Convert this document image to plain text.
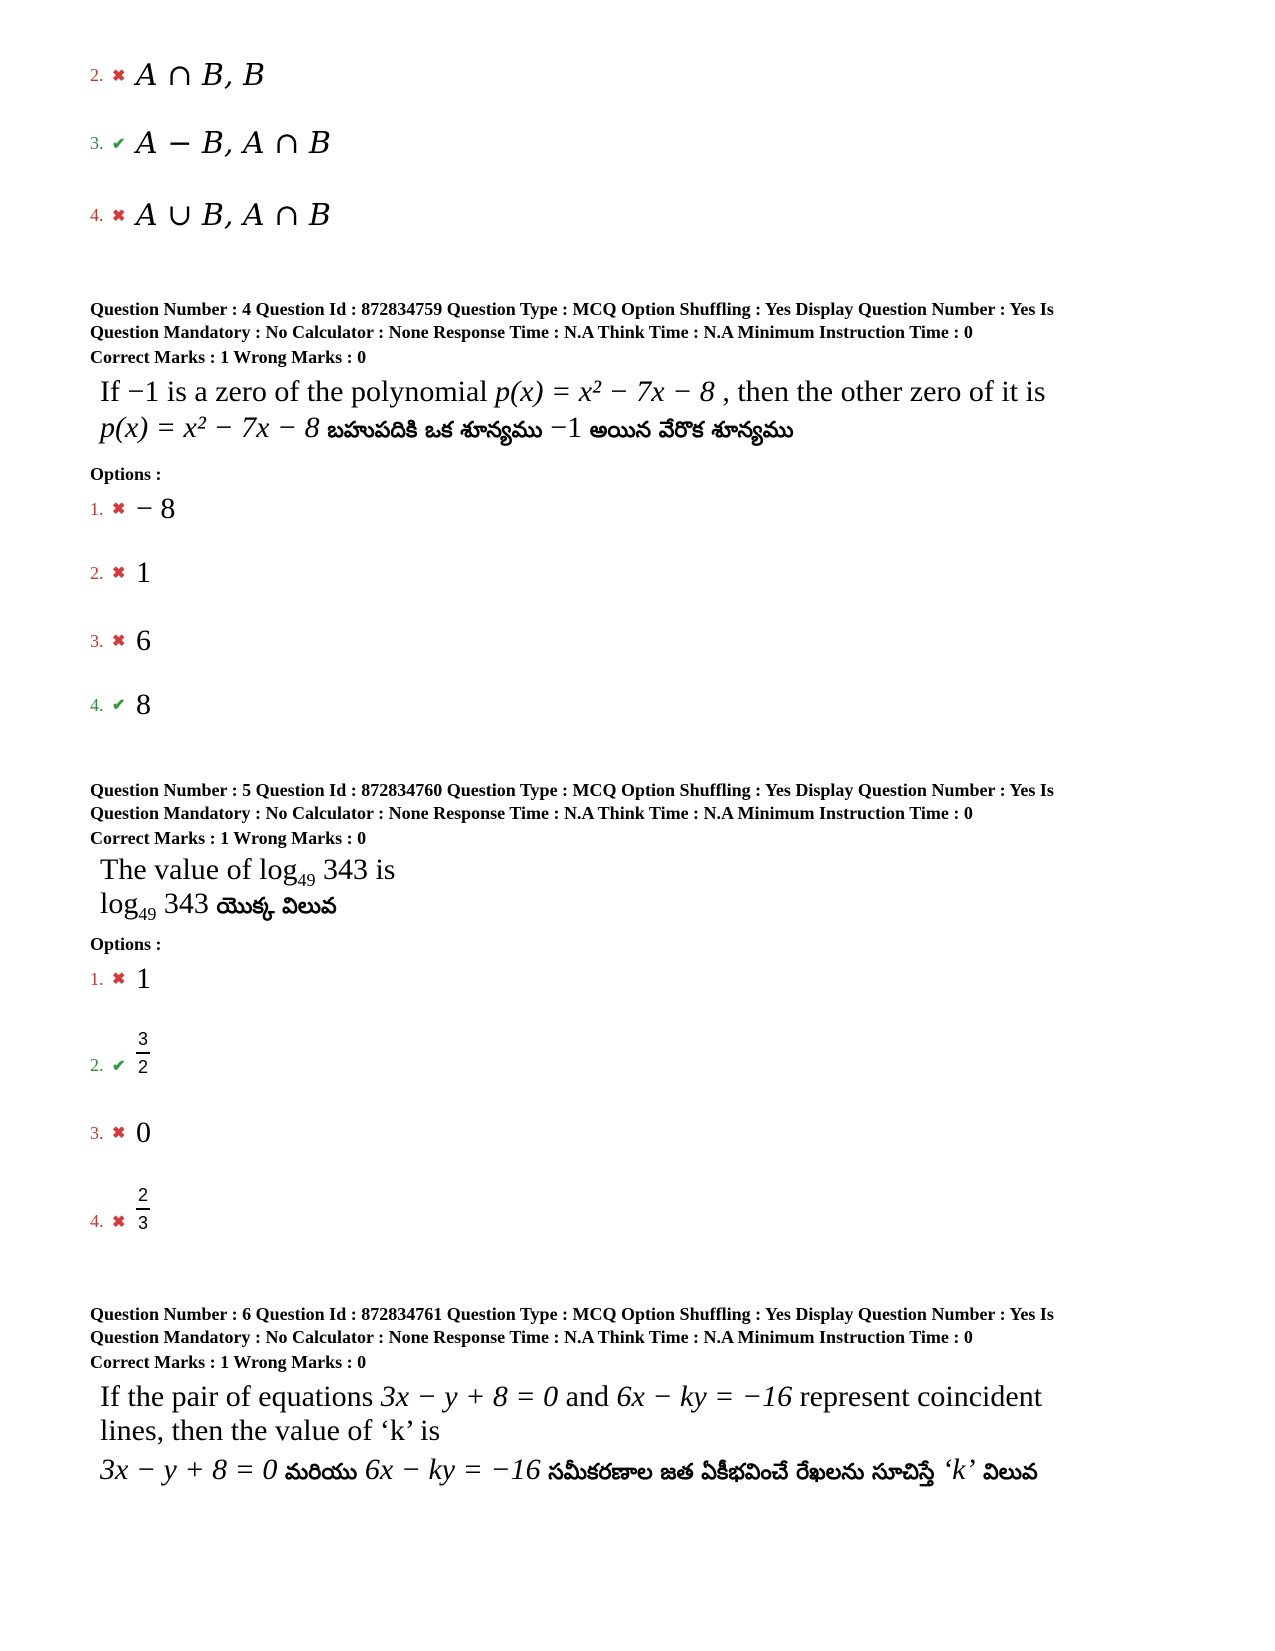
2. ✖ A ∩ B, B
3. ✔ A − B, A ∩ B
4. ✖ A ∪ B, A ∩ B
Question Number : 4 Question Id : 872834759 Question Type : MCQ Option Shuffling : Yes Display Question Number : Yes Is
Question Mandatory : No Calculator : None Response Time : N.A Think Time : N.A Minimum Instruction Time : 0
Correct Marks : 1 Wrong Marks : 0
If −1 is a zero of the polynomial p(x) = x² − 7x − 8 , then the other zero of it is
p(x) = x² − 7x − 8 బహుపదికి ఒక శూన్యము −1 అయిన వేరొక శూన్యము
Options :
1. ✖ − 8
2. ✖ 1
3. ✖ 6
4. ✔ 8
Question Number : 5 Question Id : 872834760 Question Type : MCQ Option Shuffling : Yes Display Question Number : Yes Is
Question Mandatory : No Calculator : None Response Time : N.A Think Time : N.A Minimum Instruction Time : 0
Correct Marks : 1 Wrong Marks : 0
The value of $\log_{49} 343$ is
$\log_{49} 343$ యొక్క విలువ
Options :
1. ✖ 1
2. ✔ $\frac{3}{2}$
3. ✖ 0
4. ✖ $\frac{2}{3}$
Question Number : 6 Question Id : 872834761 Question Type : MCQ Option Shuffling : Yes Display Question Number : Yes Is
Question Mandatory : No Calculator : None Response Time : N.A Think Time : N.A Minimum Instruction Time : 0
Correct Marks : 1 Wrong Marks : 0
If the pair of equations 3x − y + 8 = 0 and 6x − ky = −16 represent coincident
lines, then the value of ‘k’ is
3x − y + 8 = 0 మరియు 6x − ky = −16 సమీకరణాల జత ఏకీభవించే రేఖలను సూచిస్తే ‘k’ విలువ
